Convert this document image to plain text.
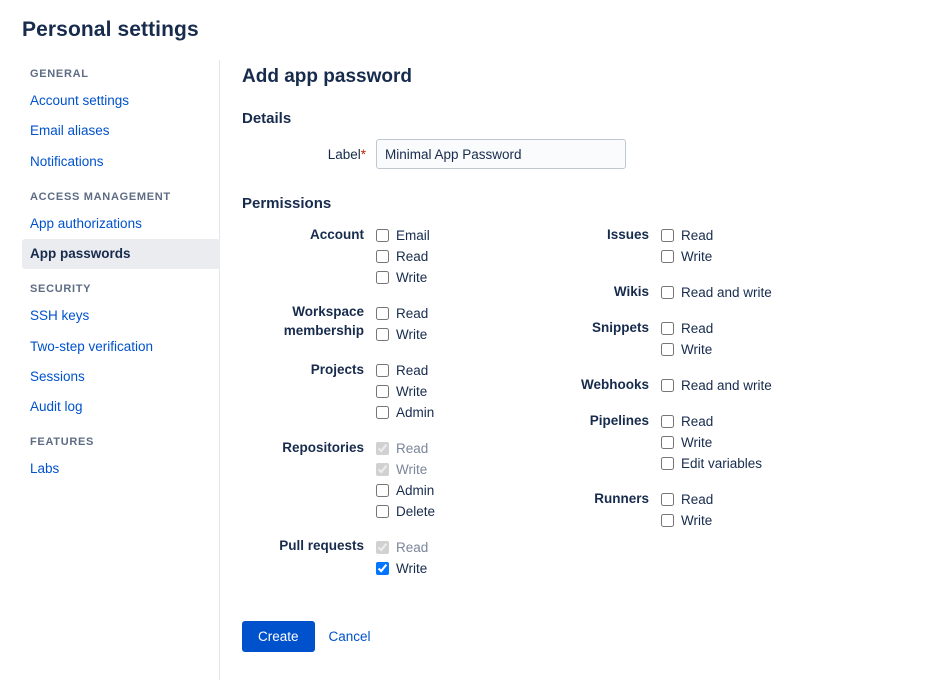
Personal settings
GENERAL
Account settings
Email aliases
Notifications
ACCESS MANAGEMENT
App authorizations
App passwords
SECURITY
SSH keys
Two-step verification
Sessions
Audit log
FEATURES
Labs
Add app password
Details
Label*
Minimal App Password
Permissions
Account	Email
Read
Write
Workspace membership
Read
Write
Projects	Read
Write
Admin
Repositories	Read
Write
Admin
Delete
Pull requests	Read
Write
Issues	Read
Write
Wikis	Read and write
Snippets	Read
Write
Webhooks	Read and write
Pipelines	Read
Write
Edit variables
Runners	Read
Write
Create	Cancel
